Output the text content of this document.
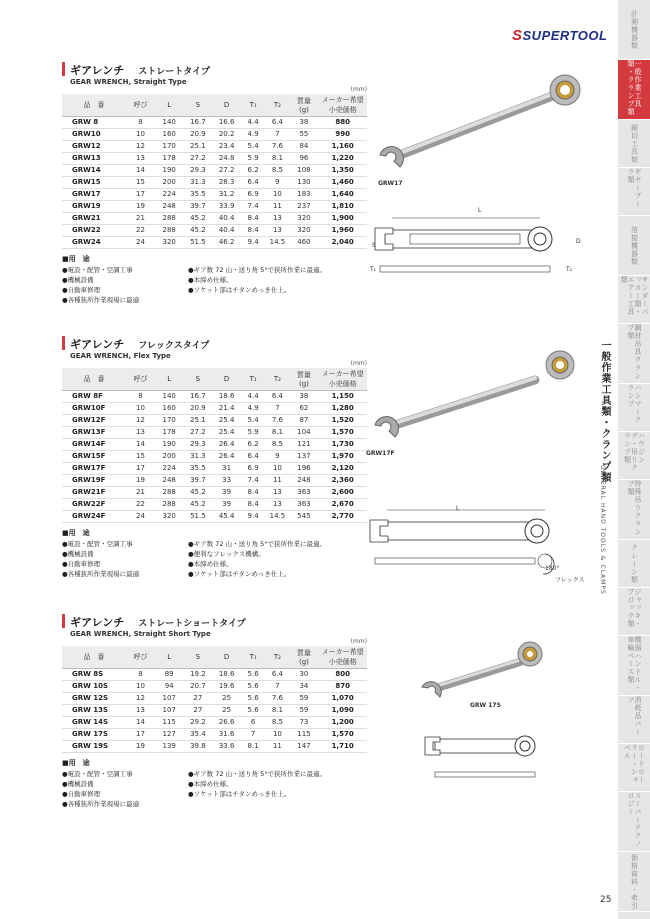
SSUPERTOOL	計測機器類
一般作業工具類・クランプ類
鋸切工具類
ギヤープーラ類
溶接機器類
サンダーパッカー類・エアー工具類
鋼材吊具クランプ類
ハンマークランプ
ハウジング・吊りクランプ類
特殊吊りクランプ類
クレーン類
ジャッキ・ブロック類
機器ハンドル・車輪ベース類
消耗品パーツ
ロードローラー・ショベル
スーパーテクノロジー
価格資料・索引
一般作業工具類・クランプ類
GENERAL HAND TOOLS & CLAMPS
25
ギアレンチ ストレートタイプ
GEAR WRENCH, Straight Type
(mm)
品　番	呼び	L	S	D	T₁	T₂	質量
(g)	メーカー希望
小売価格
GRW 8	8	140	16.7	16.6	4.4	6.4	38	880
GRW10	10	160	20.9	20.2	4.9	7	55	990
GRW12	12	170	25.1	23.4	5.4	7.6	84	1,160
GRW13	13	178	27.2	24.8	5.9	8.1	96	1,220
GRW14	14	190	29.3	27.2	6.2	8.5	108	1,350
GRW15	15	200	31.3	28.3	6.4	9	130	1,460
GRW17	17	224	35.5	31.2	6.9	10	183	1,640
GRW19	19	248	39.7	33.9	7.4	11	237	1,810
GRW21	21	288	45.2	40.4	8.4	13	320	1,900
GRW22	22	288	45.2	40.4	8.4	13	320	1,960
GRW24	24	320	51.5	46.2	9.4	14.5	460	2,040
■用　途
●電設・配管・空調工事	●ギア数 72 山・送り角 5°で狭所作業に最適。
●機械設備	●本締め仕様。
●自動車修理	●ソケット部はチタンめっき仕上。
●各種狭所作業現場に最適
ギアレンチ フレックスタイプ
GEAR WRENCH, Flex Type
(mm)
品　番	呼び	L	S	D	T₁	T₂	質量
(g)	メーカー希望
小売価格
GRW 8F	8	140	16.7	18.6	4.4	6.4	38	1,150
GRW10F	10	160	20.9	21.4	4.9	7	62	1,280
GRW12F	12	170	25.1	25.4	5.4	7.6	87	1,520
GRW13F	13	178	27.2	25.4	5.9	8.1	104	1,570
GRW14F	14	190	29.3	26.4	6.2	8.5	121	1,730
GRW15F	15	200	31.3	26.4	6.4	9	137	1,970
GRW17F	17	224	35.5	31	6.9	10	196	2,120
GRW19F	19	248	39.7	33	7.4	11	248	2,360
GRW21F	21	288	45.2	39	8.4	13	363	2,600
GRW22F	22	288	45.2	39	8.4	13	363	2,670
GRW24F	24	320	51.5	45.4	9.4	14.5	545	2,770
■用　途
●電設・配管・空調工事	●ギア数 72 山・送り角 5°で狭所作業に最適。
●機械設備	●便利なフレックス機構。
●自動車修理	●本締め仕様。
●各種狭所作業現場に最適	●ソケット部はチタンめっき仕上。
ギアレンチ ストレートショートタイプ
GEAR WRENCH, Straight Short Type
(mm)
品　番	呼び	L	S	D	T₁	T₂	質量
(g)	メーカー希望
小売価格
GRW 8S	8	89	19.2	18.6	5.6	6.4	30	800
GRW 10S	10	94	20.7	19.6	5.6	7	34	870
GRW 12S	12	107	27	25	5.6	7.6	59	1,070
GRW 13S	13	107	27	25	5.6	8.1	59	1,090
GRW 14S	14	115	29.2	26.6	6	8.5	73	1,200
GRW 17S	17	127	35.4	31.6	7	10	115	1,570
GRW 19S	19	139	39.8	33.6	8.1	11	147	1,710
■用　途
●電設・配管・空調工事	●ギア数 72 山・送り角 5°で狭所作業に最適。
●機械設備	●本締め仕様。
●自動車修理	●ソケット部はチタンめっき仕上。
●各種狭所作業現場に最適
GRW17
L
S
D
T₁	T₂
GRW17F
L
180°
フレックス
GRW 17S
